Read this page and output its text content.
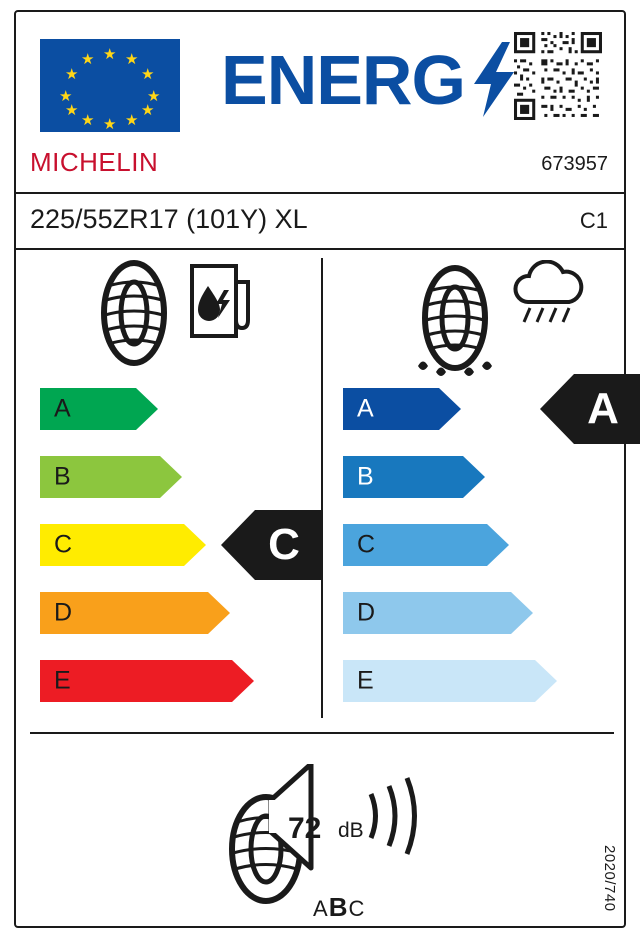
★ ★
★
★
★
★
★
★
★
★
★
★ ENERG
MICHELIN	673957
225/55ZR17 (101Y) XL	C1
A
B
C
D
E
C
A
B
C
D
E
A
72 dB
ABC	2020/740
